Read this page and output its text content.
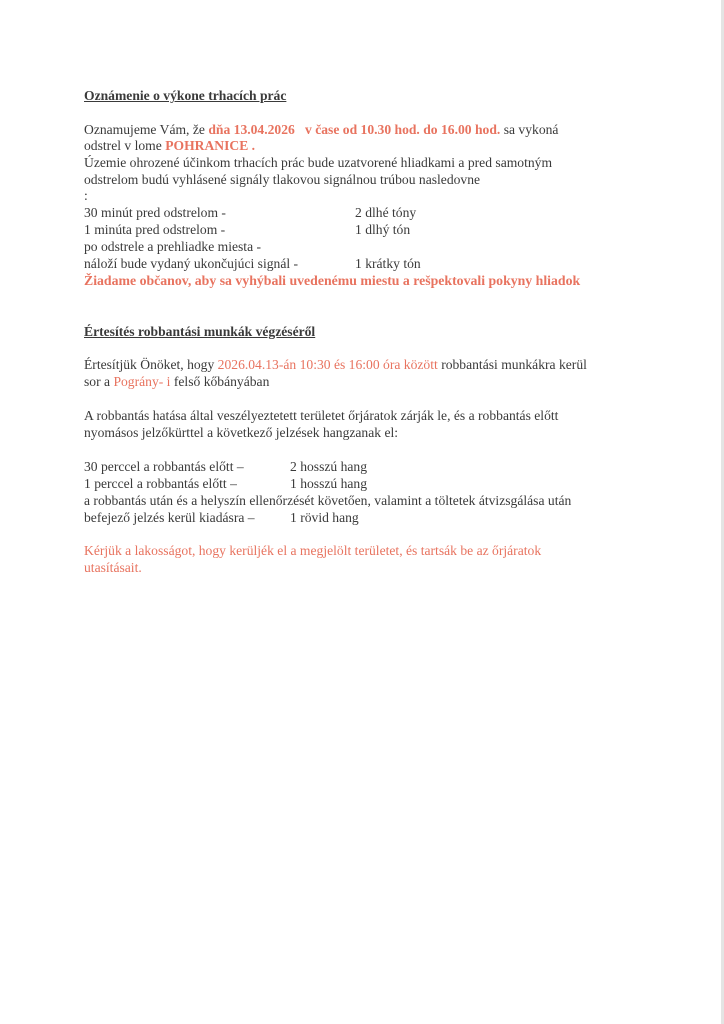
Oznámenie o výkone trhacích prác
Oznamujeme Vám, že dňa 13.04.2026 v čase od 10.30 hod. do 16.00 hod. sa vykoná
odstrel v lome POHRANICE .
Územie ohrozené účinkom trhacích prác bude uzatvorené hliadkami a pred samotným
odstrelom budú vyhlásené signály tlakovou signálnou trúbou nasledovne
:
30 minút pred odstrelom -	2 dlhé tóny
1 minúta pred odstrelom -	1 dlhý tón
po odstrele a prehliadke miesta -
náloží bude vydaný ukončujúci signál -	1 krátky tón
Žiadame občanov, aby sa vyhýbali uvedenému miestu a rešpektovali pokyny hliadok
Értesítés robbantási munkák végzéséről
Értesítjük Önöket, hogy 2026.04.13-án 10:30 és 16:00 óra között robbantási munkákra kerül
sor a Pográny- i felső kőbányában
A robbantás hatása által veszélyeztetett területet őrjáratok zárják le, és a robbantás előtt
nyomásos jelzőkürttel a következő jelzések hangzanak el:
30 perccel a robbantás előtt –	2 hosszú hang
1 perccel a robbantás előtt –	1 hosszú hang
a robbantás után és a helyszín ellenőrzését követően, valamint a töltetek átvizsgálása után
befejező jelzés kerül kiadásra –	1 rövid hang
Kérjük a lakosságot, hogy kerüljék el a megjelölt területet, és tartsák be az őrjáratok
utasításait.
